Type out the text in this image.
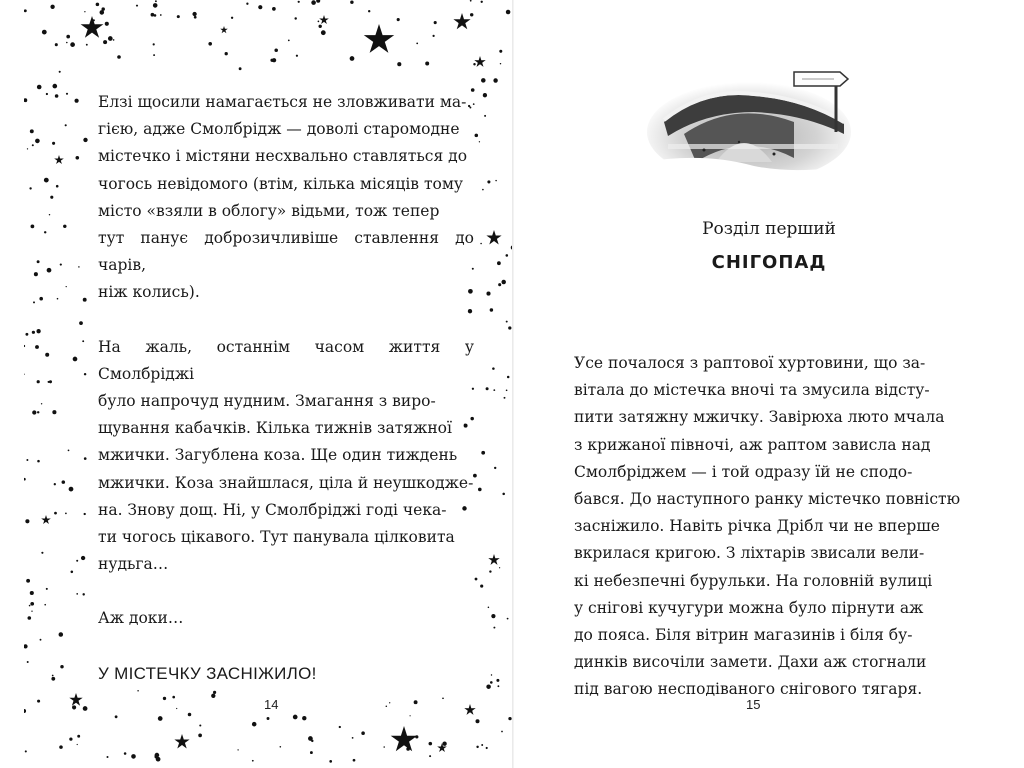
Елзі щосили намагається не зловживати ма-

гією, адже Смолбрідж — доволі старомодне

містечко і містяни несхвально ставляться до

чогось невідомого (втім, кілька місяців тому

місто «взяли в облогу» відьми, тож тепер

тут панує доброзичливіше ставлення до чарів,

ніж колись).

На жаль, останнім часом життя у Смолбріджі

було напрочуд нудним. Змагання з виро-

щування кабачків. Кілька тижнів затяжної

мжички. Загублена коза. Ще один тиждень

мжички. Коза знайшлася, ціла й неушкодже-

на. Знову дощ. Ні, у Смолбріджі годі чека-

ти чогось цікавого. Тут панувала цілковита

нудьга…

Аж доки…

У МІСТЕЧКУ ЗАСНІЖИЛО!

14
Розділ перший
СНІГОПАД

Усе почалося з раптової хуртовини, що за-

вітала до містечка вночі та змусила відсту-

пити затяжну мжичку. Завірюха люто мчала

з крижаної півночі, аж раптом зависла над

Смолбріджем — і той одразу їй не сподо-

бався. До наступного ранку містечко повністю

засніжило. Навіть річка Дрібл чи не вперше

вкрилася кригою. З ліхтарів звисали вели-

кі небезпечні бурульки. На головній вулиці

у снігові кучугури можна було пірнути аж

до пояса. Біля вітрин магазинів і біля бу-

динків височіли замети. Дахи аж стогнали

під вагою несподіваного снігового тягаря.

15
